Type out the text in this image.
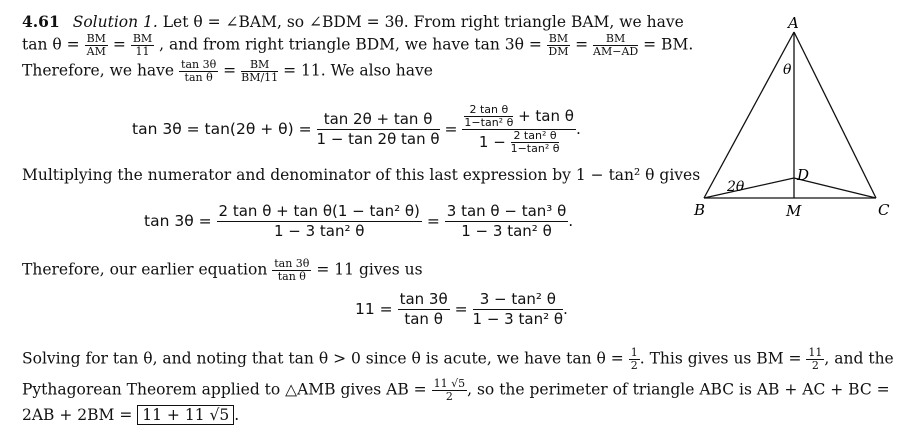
4.61 Solution 1. Let θ = ∠BAM, so ∠BDM = 3θ. From right triangle BAM, we have
$\tan \theta = \frac{BM}{AM} = \frac{BM}{11}$ , and from right triangle BDM, we have $\tan 3\theta = \frac{BM}{DM} = \frac{BM}{AM-AD}$ = BM.
Therefore, we have $\frac{\tan 3\theta}{\text{tan θ}} = \frac{BM}{BM/11} = 11$. We also have
$\tan 3\theta = \tan(2\theta + \theta) = \frac{\text{tan 2θ + tan θ}}{\text{1 − tan 2θ tan θ}} = \frac{\frac{\text{2 tan θ}}{\text{1−tan² θ}} + \tan \theta}{1 - \frac{\text{2 tan² θ}}{\text{1−tan² θ}}}$ .
Multiplying the numerator and denominator of this last expression by 1 − tan² θ gives
$\tan 3\theta = \frac{\text{2 tan θ + tan θ(1 − tan² θ)}}{\text{1 − 3 tan² θ}} = \frac{\text{3 tan θ − tan³ θ}}{\text{1 − 3 tan² θ}}$ .
Therefore, our earlier equation $\frac{\tan 3\theta}{\text{tan θ}} = 11$ gives us
$11 = \frac{\tan 3\theta}{\text{tan θ}} = \frac{\text{3 − tan² θ}}{\text{1 − 3 tan² θ}}$ .
Solving for tan θ, and noting that tan θ > 0 since θ is acute, we have $\tan \theta = \frac{1}{2}$ . This gives us BM = $\frac{11}{2}$ , and the
Pythagorean Theorem applied to △AMB gives AB = $\frac{11 √5}{2}$ , so the perimeter of triangle ABC is AB + AC + BC =
2AB + 2BM = 11 + 11 √5 .
A
B	C
M
D
θ
2θ
